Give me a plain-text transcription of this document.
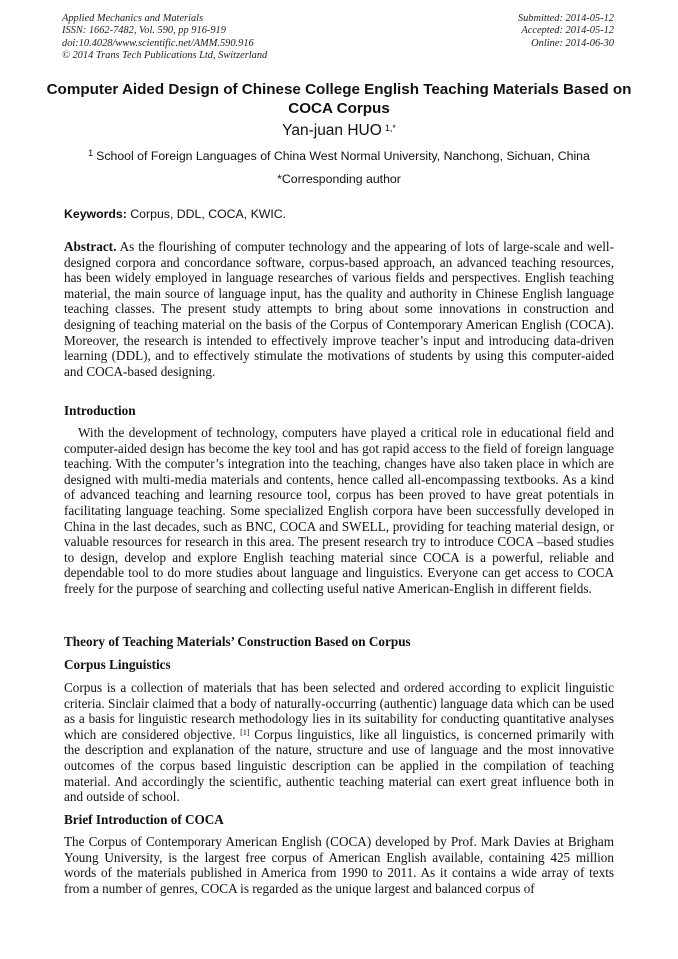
Applied Mechanics and Materials
ISSN: 1662-7482, Vol. 590, pp 916-919
doi:10.4028/www.scientific.net/AMM.590.916
© 2014 Trans Tech Publications Ltd, Switzerland
Submitted: 2014-05-12
Accepted: 2014-05-12
Online: 2014-06-30
Computer Aided Design of Chinese College English Teaching Materials Based on COCA Corpus
Yan-juan HUO $^{1,*}$
$^1$ School of Foreign Languages of China West Normal University, Nanchong, Sichuan, China
*Corresponding author
Keywords: Corpus, DDL, COCA, KWIC.

Abstract. As the flourishing of computer technology and the appearing of lots of large-scale and well-designed corpora and concordance software, corpus-based approach, an advanced teaching resources, has been widely employed in language researches of various fields and perspectives. English teaching material, the main source of language input, has the quality and authority in Chinese English language teaching classes. The present study attempts to bring about some innovations in construction and designing of teaching material on the basis of the Corpus of Contemporary American English (COCA). Moreover, the research is intended to effectively improve teacher’s input and introducing data-driven learning (DDL), and to effectively stimulate the motivations of students by using this computer-aided and COCA-based designing.

Introduction

With the development of technology, computers have played a critical role in educational field and computer-aided design has become the key tool and has got rapid access to the field of foreign language teaching. With the computer’s integration into the teaching, changes have also taken place in which are designed with multi-media materials and contents, hence called all-encompassing textbooks. As a kind of advanced teaching and learning resource tool, corpus has been proved to have great potentials in facilitating language teaching. Some specialized English corpora have been successfully developed in China in the last decades, such as BNC, COCA and SWELL, providing for teaching material design, or valuable resources for research in this area. The present research try to introduce COCA –based studies to design, develop and explore English teaching material since COCA is a powerful, reliable and dependable tool to do more studies about language and linguistics. Everyone can get access to COCA freely for the purpose of searching and collecting useful native American-English in different fields.

Theory of Teaching Materials’ Construction Based on Corpus
Corpus Linguistics

Corpus is a collection of materials that has been selected and ordered according to explicit linguistic criteria. Sinclair claimed that a body of naturally-occurring (authentic) language data which can be used as a basis for linguistic research methodology lies in its suitability for conducting quantitative analyses which are considered objective. [1] Corpus linguistics, like all linguistics, is concerned primarily with the description and explanation of the nature, structure and use of language and the most innovative outcomes of the corpus based linguistic description can be applied in the compilation of teaching material. And accordingly the scientific, authentic teaching material can exert great influence both in and outside of school.

Brief Introduction of COCA

The Corpus of Contemporary American English (COCA) developed by Prof. Mark Davies at Brigham Young University, is the largest free corpus of American English available, containing 425 million words of the materials published in America from 1990 to 2011. As it contains a wide array of texts from a number of genres, COCA is regarded as the unique largest and balanced corpus of
